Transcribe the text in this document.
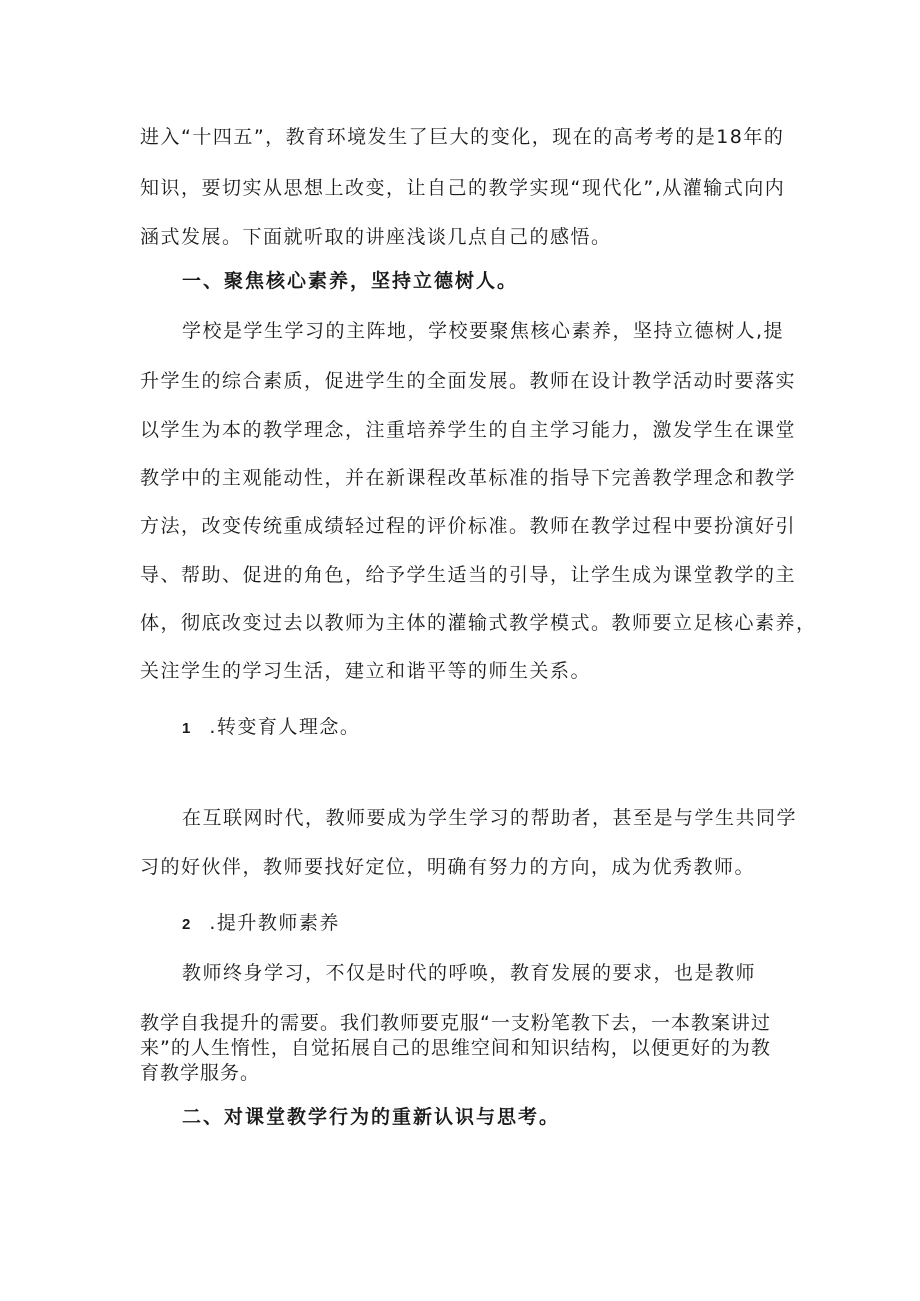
进入“十四五”，教育环境发生了巨大的变化，现在的高考考的是18年的
知识，要切实从思想上改变，让自己的教学实现“现代化”,从灌输式向内
涵式发展。下面就听取的讲座浅谈几点自己的感悟。
一、聚焦核心素养，坚持立德树人。
学校是学生学习的主阵地，学校要聚焦核心素养，坚持立德树人,提
升学生的综合素质，促进学生的全面发展。教师在设计教学活动时要落实
以学生为本的教学理念，注重培养学生的自主学习能力，激发学生在课堂
教学中的主观能动性，并在新课程改革标准的指导下完善教学理念和教学
方法，改变传统重成绩轻过程的评价标准。教师在教学过程中要扮演好引
导、帮助、促进的角色，给予学生适当的引导，让学生成为课堂教学的主
体，彻底改变过去以教师为主体的灌输式教学模式。教师要立足核心素养，
关注学生的学习生活，建立和谐平等的师生关系。
1 .转变育人理念。
在互联网时代，教师要成为学生学习的帮助者，甚至是与学生共同学
习的好伙伴，教师要找好定位，明确有努力的方向，成为优秀教师。
2 .提升教师素养
教师终身学习，不仅是时代的呼唤，教育发展的要求，也是教师
教学自我提升的需要。我们教师要克服“一支粉笔教下去，一本教案讲过
来”的人生惰性，自觉拓展自己的思维空间和知识结构，以便更好的为教
育教学服务。
二、对课堂教学行为的重新认识与思考。
